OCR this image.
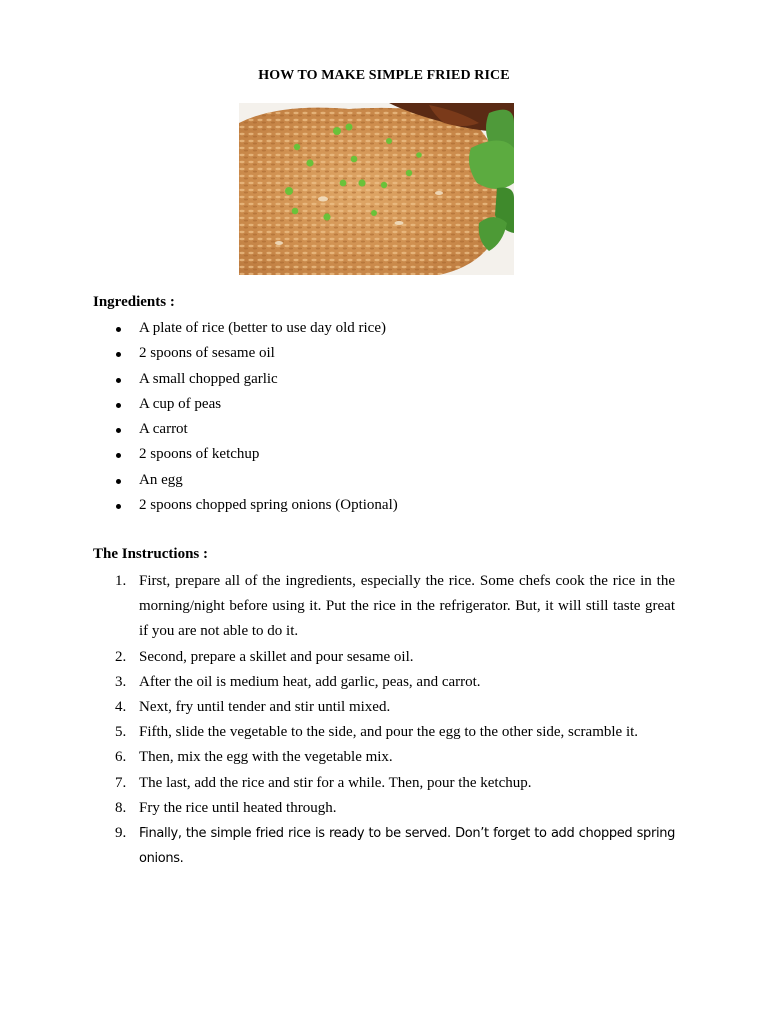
HOW TO MAKE SIMPLE FRIED RICE
Ingredients :
A plate of rice (better to use day old rice)
2 spoons of sesame oil
A small chopped garlic
A cup of peas
A carrot
2 spoons of ketchup
An egg
2 spoons chopped spring onions (Optional)
The Instructions :
1. First, prepare all of the ingredients, especially the rice. Some chefs cook the rice in the morning/night before using it. Put the rice in the refrigerator. But, it will still taste great if you are not able to do it.
2. Second, prepare a skillet and pour sesame oil.
3. After the oil is medium heat, add garlic, peas, and carrot.
4. Next, fry until tender and stir until mixed.
5. Fifth, slide the vegetable to the side, and pour the egg to the other side, scramble it.
6. Then, mix the egg with the vegetable mix.
7. The last, add the rice and stir for a while. Then, pour the ketchup.
8. Fry the rice until heated through.
9. Finally, the simple fried rice is ready to be served. Don’t forget to add chopped spring onions.
